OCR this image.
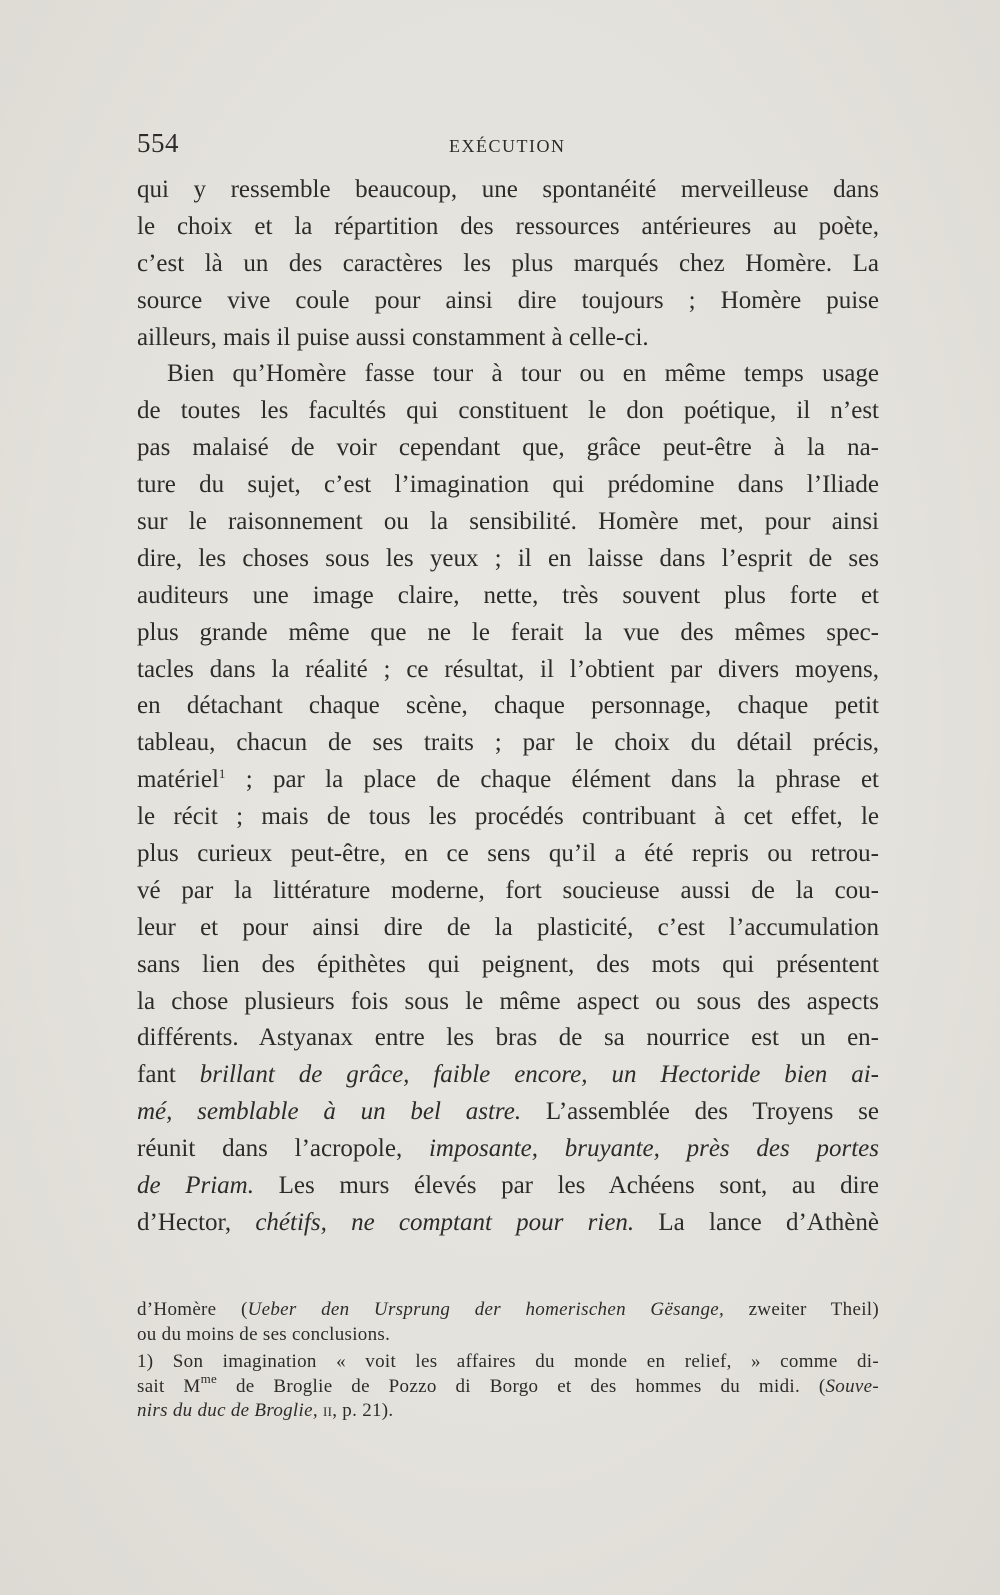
554	EXÉCUTION
qui y ressemble beaucoup, une spontanéité merveilleuse dans
le choix et la répartition des ressources antérieures au poète,
c’est là un des caractères les plus marqués chez Homère. La
source vive coule pour ainsi dire toujours ; Homère puise
ailleurs, mais il puise aussi constamment à celle-ci.
Bien qu’Homère fasse tour à tour ou en même temps usage
de toutes les facultés qui constituent le don poétique, il n’est
pas malaisé de voir cependant que, grâce peut-être à la na-
ture du sujet, c’est l’imagination qui prédomine dans l’Iliade
sur le raisonnement ou la sensibilité. Homère met, pour ainsi
dire, les choses sous les yeux ; il en laisse dans l’esprit de ses
auditeurs une image claire, nette, très souvent plus forte et
plus grande même que ne le ferait la vue des mêmes spec-
tacles dans la réalité ; ce résultat, il l’obtient par divers moyens,
en détachant chaque scène, chaque personnage, chaque petit
tableau, chacun de ses traits ; par le choix du détail précis,
matériel$^1$ ; par la place de chaque élément dans la phrase et
le récit ; mais de tous les procédés contribuant à cet effet, le
plus curieux peut-être, en ce sens qu’il a été repris ou retrou-
vé par la littérature moderne, fort soucieuse aussi de la cou-
leur et pour ainsi dire de la plasticité, c’est l’accumulation
sans lien des épithètes qui peignent, des mots qui présentent
la chose plusieurs fois sous le même aspect ou sous des aspects
différents. Astyanax entre les bras de sa nourrice est un en-
fant brillant de grâce, faible encore, un Hectoride bien ai-
mé, semblable à un bel astre. L’assemblée des Troyens se
réunit dans l’acropole, imposante, bruyante, près des portes
de Priam. Les murs élevés par les Achéens sont, au dire
d’Hector, chétifs, ne comptant pour rien. La lance d’Athènè
d’Homère (Ueber den Ursprung der homerischen Gësange, zweiter Theil)
ou du moins de ses conclusions.
1) Son imagination « voit les affaires du monde en relief, » comme di-
sait $M^{me}$ de Broglie de Pozzo di Borgo et des hommes du midi. (Souve-
nirs du duc de Broglie, ii, p. 21).
